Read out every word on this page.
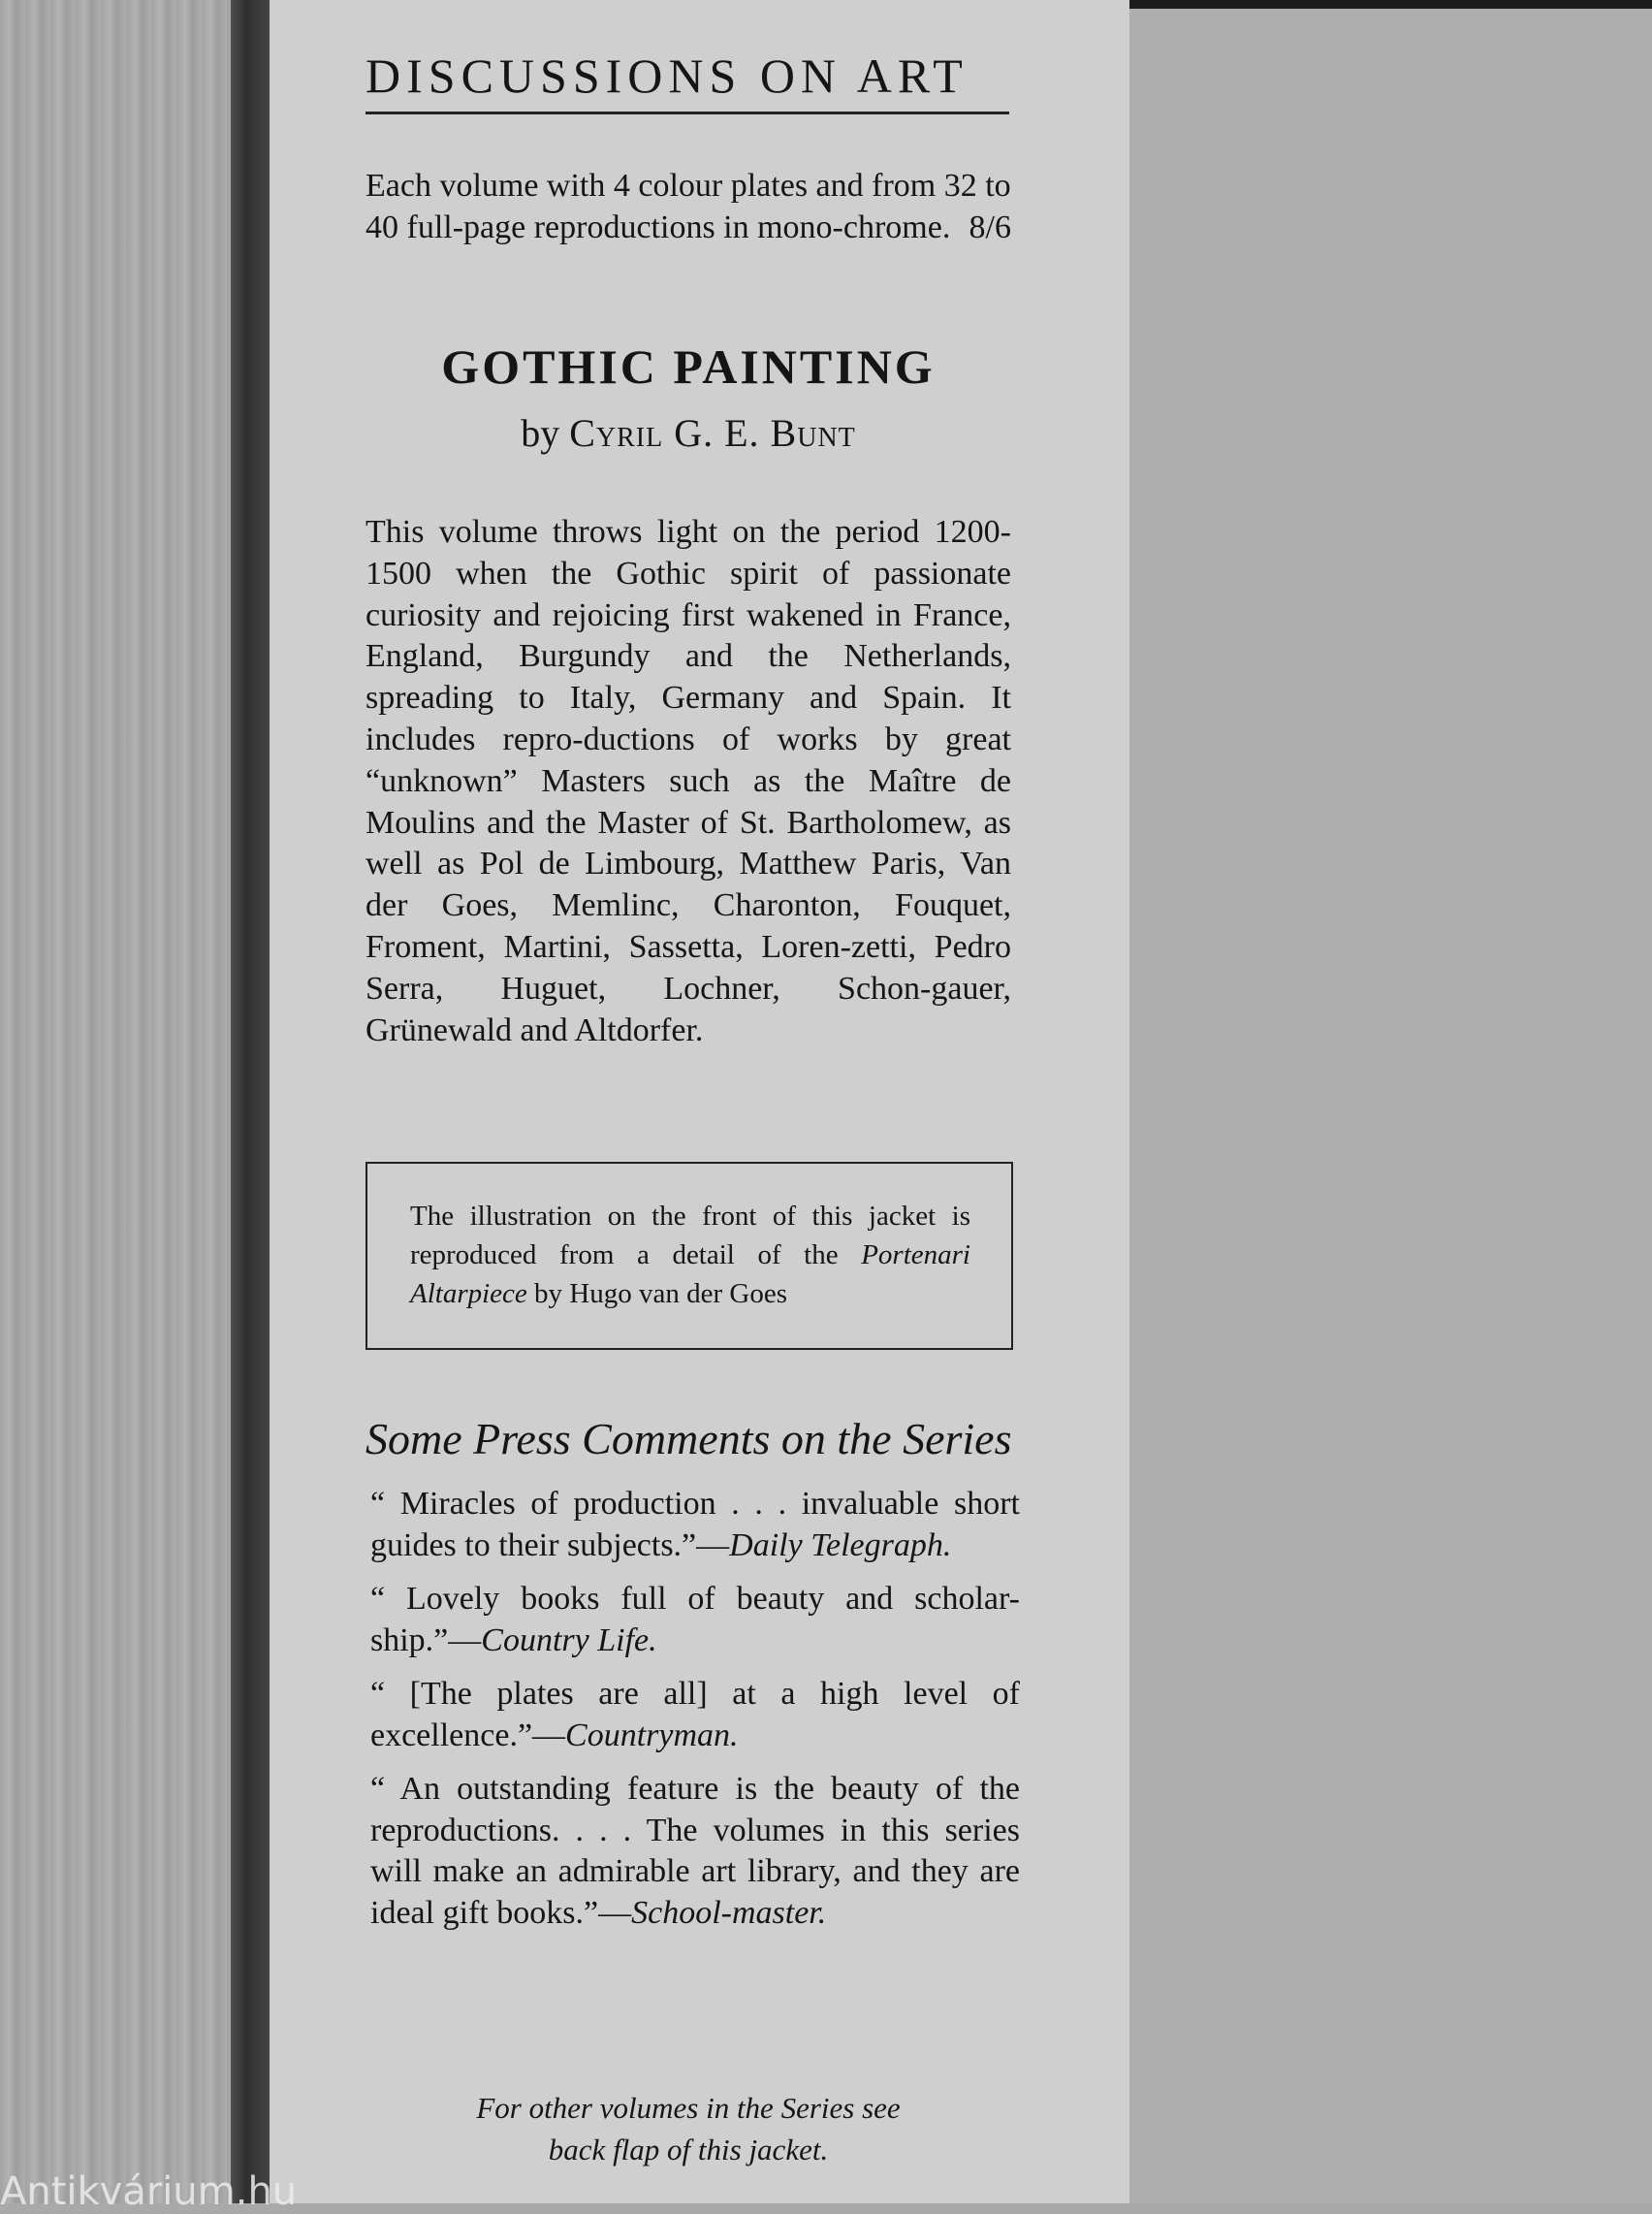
DISCUSSIONS ON ART
Each volume with 4 colour plates and from 32 to 40 full-page reproductions in mono-chrome. 8/6
GOTHIC PAINTING
by Cyril G. E. Bunt
This volume throws light on the period 1200-1500 when the Gothic spirit of passionate curiosity and rejoicing first wakened in France, England, Burgundy and the Netherlands, spreading to Italy, Germany and Spain. It includes repro-ductions of works by great “unknown” Masters such as the Maître de Moulins and the Master of St. Bartholomew, as well as Pol de Limbourg, Matthew Paris, Van der Goes, Memlinc, Charonton, Fouquet, Froment, Martini, Sassetta, Loren-zetti, Pedro Serra, Huguet, Lochner, Schon-gauer, Grünewald and Altdorfer.
The illustration on the front of this jacket is reproduced from a detail of the Portenari Altarpiece by Hugo van der Goes
Some Press Comments on the Series

“ Miracles of production . . . invaluable short guides to their subjects.”—Daily Telegraph.

“ Lovely books full of beauty and scholar-ship.”—Country Life.

“ [The plates are all] at a high level of excellence.”—Countryman.

“ An outstanding feature is the beauty of the reproductions. . . . The volumes in this series will make an admirable art library, and they are ideal gift books.”—School-master.

For other volumes in the Series see
back flap of this jacket.
Antikvárium.hu
